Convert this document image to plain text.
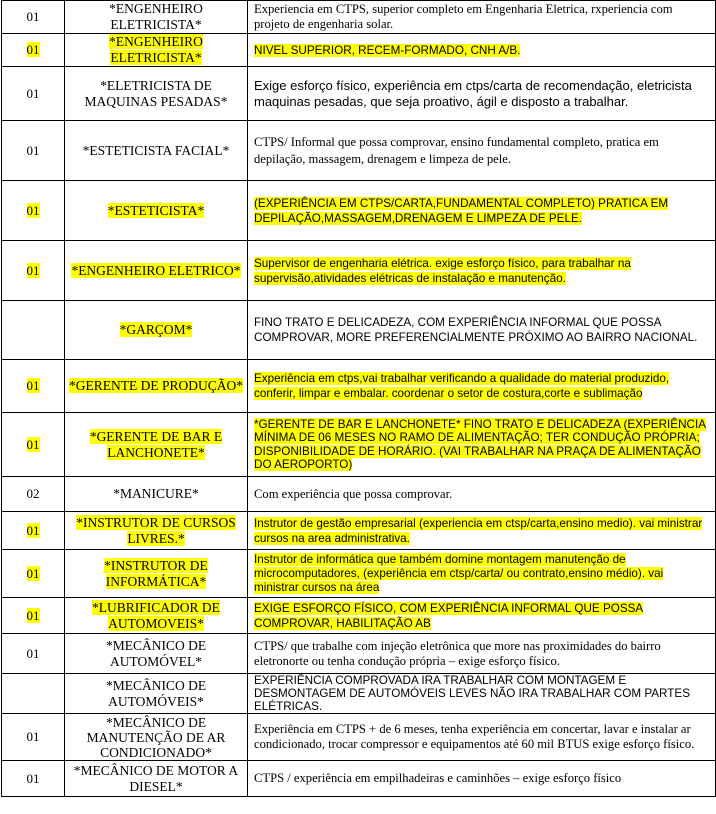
01	*ENGENHEIRO ELETRICISTA*	Experiencia em CTPS, superior completo em Engenharia Eletrica, rxperiencia com projeto de engenharia solar.
01	*ENGENHEIRO ELETRICISTA*	NIVEL SUPERIOR, RECEM-FORMADO, CNH A/B.
01	*ELETRICISTA DE MAQUINAS PESADAS*	Exige esforço físico, experiência em ctps/carta de recomendação, eletricista maquinas pesadas, que seja proativo, ágil e disposto a trabalhar.
01	*ESTETICISTA FACIAL*	CTPS/ Informal que possa comprovar, ensino fundamental completo, pratica em depilação, massagem, drenagem e limpeza de pele.
01	*ESTETICISTA*	(EXPERIÊNCIA EM CTPS/CARTA,FUNDAMENTAL COMPLETO) PRATICA EM DEPILAÇÃO,MASSAGEM,DRENAGEM E LIMPEZA DE PELE.
01	*ENGENHEIRO ELETRICO*	Supervisor de engenharia elétrica. exige esforço físico, para trabalhar na supervisão,atividades elétricas de instalação e manutenção.
	*GARÇOM*	FINO TRATO E DELICADEZA, COM EXPERIÊNCIA INFORMAL QUE POSSA COMPROVAR, MORE PREFERENCIALMENTE PRÓXIMO AO BAIRRO NACIONAL.
01	*GERENTE DE PRODUÇÃO*	Experiência em ctps,vai trabalhar verificando a qualidade do material produzido, conferir, limpar e embalar. coordenar o setor de costura,corte e sublimação
01	*GERENTE DE BAR E LANCHONETE*	*GERENTE DE BAR E LANCHONETE* FINO TRATO E DELICADEZA (EXPERIÊNCIA MÍNIMA DE 06 MESES NO RAMO DE ALIMENTAÇÃO; TER CONDUÇÃO PRÓPRIA; DISPONIBILIDADE DE HORÁRIO. (VAI TRABALHAR NA PRAÇA DE ALIMENTAÇÃO DO AEROPORTO)
02	*MANICURE*	Com experiência que possa comprovar.
01	*INSTRUTOR DE CURSOS LIVRES.*	Instrutor de gestão empresarial (experiencia em ctsp/carta,ensino medio). vai ministrar cursos na area administrativa.
01	*INSTRUTOR DE INFORMÁTICA*	Instrutor de informática que também domine montagem manutenção de microcomputadores, (experiência em ctsp/carta/ ou contrato,ensino médio). vai ministrar cursos na área
01	*LUBRIFICADOR DE AUTOMOVEIS*	EXIGE ESFORÇO FÍSICO, COM EXPERIÊNCIA INFORMAL QUE POSSA COMPROVAR, HABILITAÇÃO AB
01	*MECÂNICO DE AUTOMÓVEL*	CTPS/ que trabalhe com injeção eletrônica que more nas proximidades do bairro eletronorte ou tenha condução própria – exige esforço físico.
	*MECÂNICO DE AUTOMÓVEIS*	EXPERIÊNCIA COMPROVADA IRA TRABALHAR COM MONTAGEM E DESMONTAGEM DE AUTOMÓVEIS LEVES NÃO IRA TRABALHAR COM PARTES ELÉTRICAS.
01	*MECÂNICO DE MANUTENÇÃO DE AR CONDICIONADO*	Experiência em CTPS + de 6 meses, tenha experiência em concertar, lavar e instalar ar condicionado, trocar compressor e equipamentos até 60 mil BTUS exige esforço físico.
01	*MECÂNICO DE MOTOR A DIESEL*	CTPS / experiência em empilhadeiras e caminhões – exige esforço físico
